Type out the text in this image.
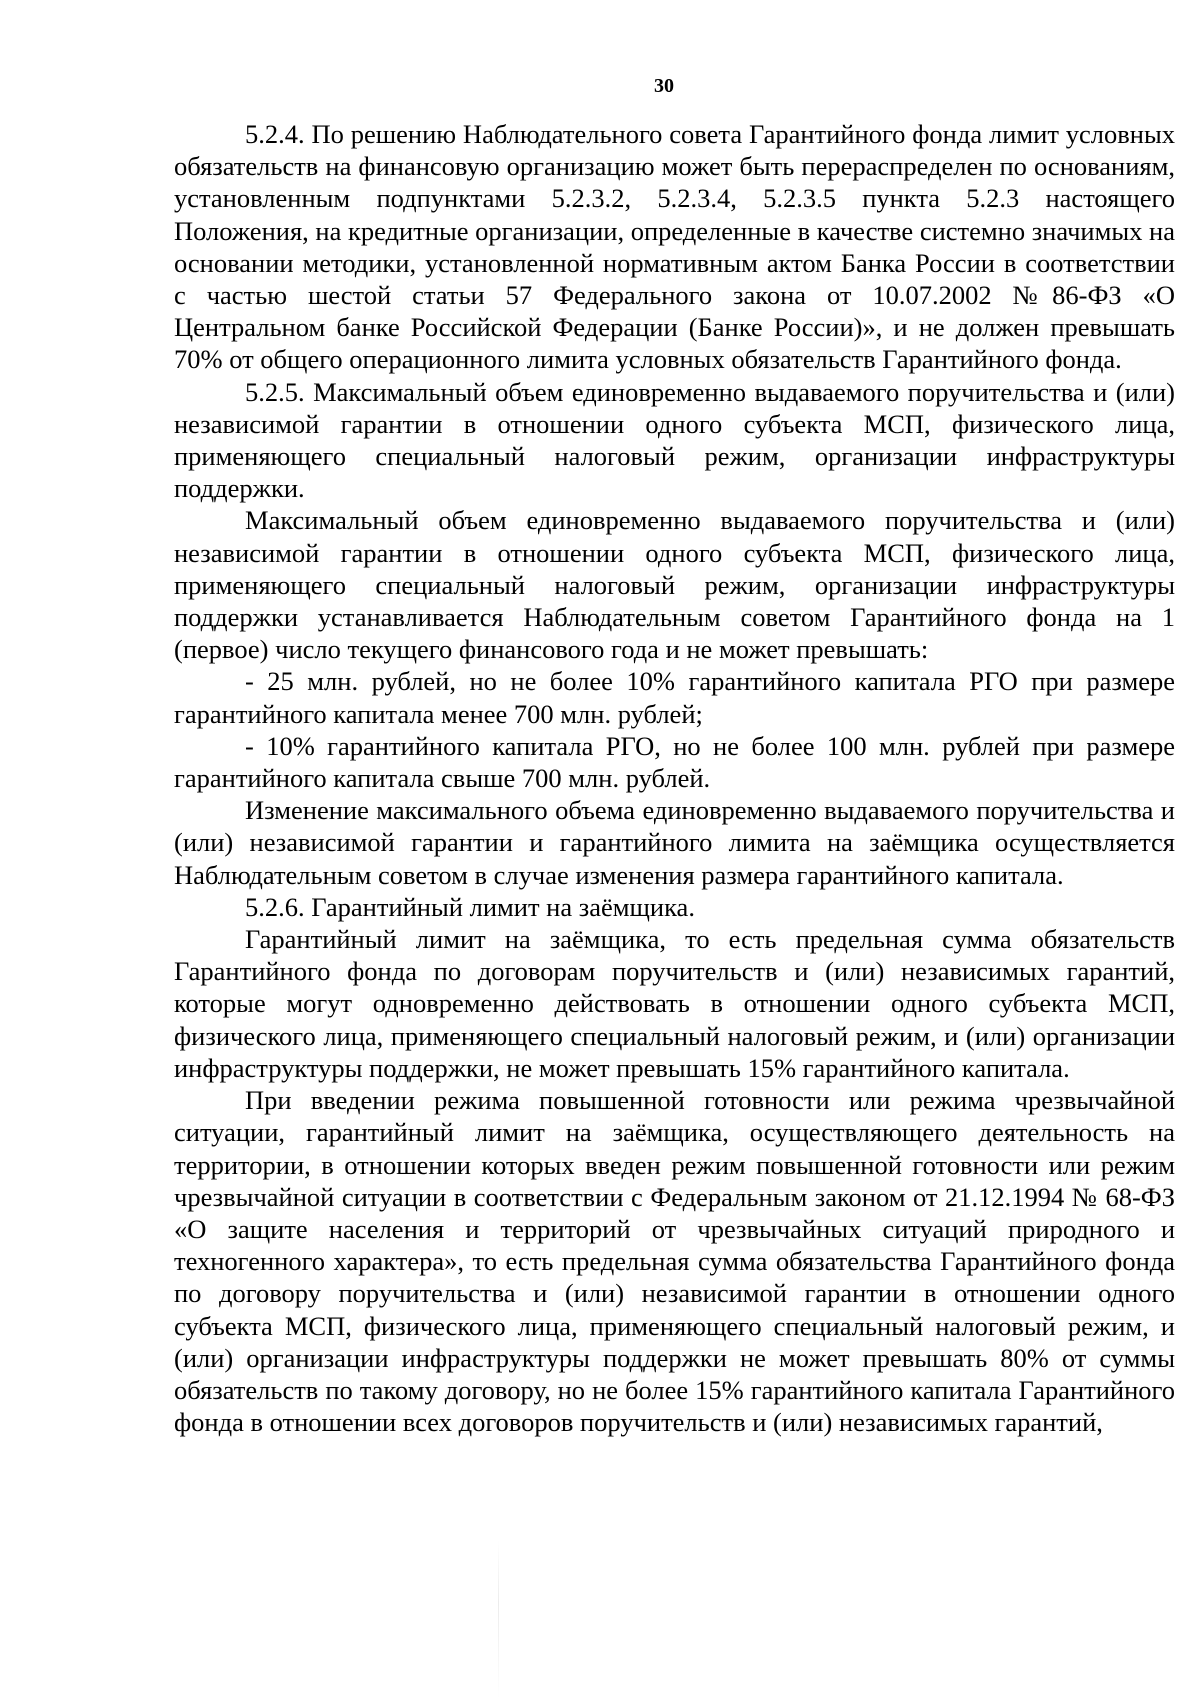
30

5.2.4. По решению Наблюдательного совета Гарантийного фонда лимит условных обязательств на финансовую организацию может быть перераспределен по основаниям, установленным подпунктами 5.2.3.2, 5.2.3.4, 5.2.3.5 пункта 5.2.3 настоящего Положения, на кредитные организации, определенные в качестве системно значимых на основании методики, установленной нормативным актом Банка России в соответствии с частью шестой статьи 57 Федерального закона от 10.07.2002 №86-ФЗ «О Центральном банке Российской Федерации (Банке России)», и не должен превышать 70% от общего операционного лимита условных обязательств Гарантийного фонда.

5.2.5. Максимальный объем единовременно выдаваемого поручительства и (или) независимой гарантии в отношении одного субъекта МСП, физического лица, применяющего специальный налоговый режим, организации инфраструктуры поддержки.

Максимальный объем единовременно выдаваемого поручительства и (или) независимой гарантии в отношении одного субъекта МСП, физического лица, применяющего специальный налоговый режим, организации инфраструктуры поддержки устанавливается Наблюдательным советом Гарантийного фонда на 1 (первое) число текущего финансового года и не может превышать:

- 25 млн. рублей, но не более 10% гарантийного капитала РГО при размере гарантийного капитала менее 700 млн. рублей;

- 10% гарантийного капитала РГО, но не более 100 млн. рублей при размере гарантийного капитала свыше 700 млн. рублей.

Изменение максимального объема единовременно выдаваемого поручительства и (или) независимой гарантии и гарантийного лимита на заёмщика осуществляется Наблюдательным советом в случае изменения размера гарантийного капитала.

5.2.6. Гарантийный лимит на заёмщика.

Гарантийный лимит на заёмщика, то есть предельная сумма обязательств Гарантийного фонда по договорам поручительств и (или) независимых гарантий, которые могут одновременно действовать в отношении одного субъекта МСП, физического лица, применяющего специальный налоговый режим, и (или) организации инфраструктуры поддержки, не может превышать 15% гарантийного капитала.

При введении режима повышенной готовности или режима чрезвычайной ситуации, гарантийный лимит на заёмщика, осуществляющего деятельность на территории, в отношении которых введен режим повышенной готовности или режим чрезвычайной ситуации в соответствии с Федеральным законом от 21.12.1994 № 68-ФЗ «О защите населения и территорий от чрезвычайных ситуаций природного и техногенного характера», то есть предельная сумма обязательства Гарантийного фонда по договору поручительства и (или) независимой гарантии в отношении одного субъекта МСП, физического лица, применяющего специальный налоговый режим, и (или) организации инфраструктуры поддержки не может превышать 80% от суммы обязательств по такому договору, но не более 15% гарантийного капитала Гарантийного фонда в отношении всех договоров поручительств и (или) независимых гарантий,
